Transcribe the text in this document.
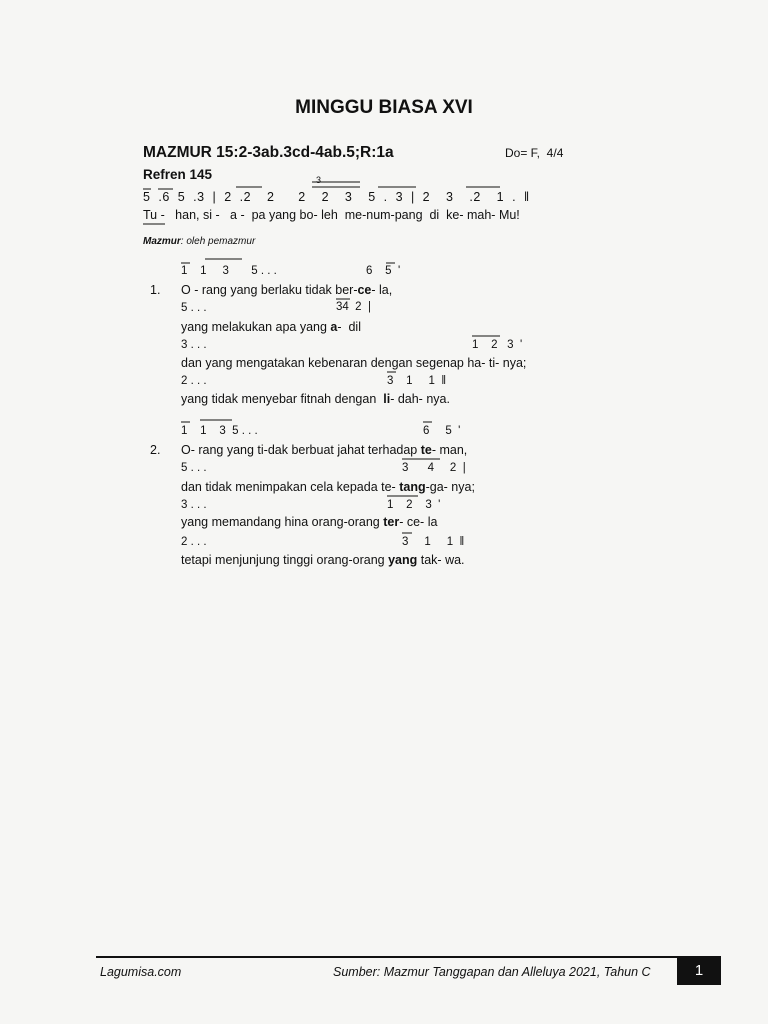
MINGGU BIASA XVI
MAZMUR 15:2-3ab.3cd-4ab.5;R:1a	Do= F,  4/4
Refren 145	3
5  .6  5  .3  |  2  .2    2      2    2    3    5  .  3  |  2    3    .2    1  .  ‖
Tu -   han, si -   a -  pa yang bo- leh  me-num-pang  di  ke- mah- Mu!
Mazmur: oleh pemazmur
1.
1    1     3       5 . . .	6    5  '
O - rang yang berlaku tidak ber-ce- la,
5 . . .	34  2  |
yang melakukan apa yang a-  dil
3 . . .	1    2   3  '
dan yang mengatakan kebenaran dengan segenap ha- ti- nya;
2 . . .	3    1     1  ‖
yang tidak menyebar fitnah dengan  li- dah- nya.
2.
1    1    3  5 . . .	6     5  '
O- rang yang ti-dak berbuat jahat terhadap te- man,
5 . . .	3      4     2  |
dan tidak menimpakan cela kepada te- tang-ga- nya;
3 . . .	1    2    3  '
yang memandang hina orang-orang ter- ce- la
2 . . .	3     1     1  ‖
tetapi menjunjung tinggi orang-orang yang tak- wa.
Lagumisa.com	Sumber: Mazmur Tanggapan dan Alleluya 2021, Tahun C	1
